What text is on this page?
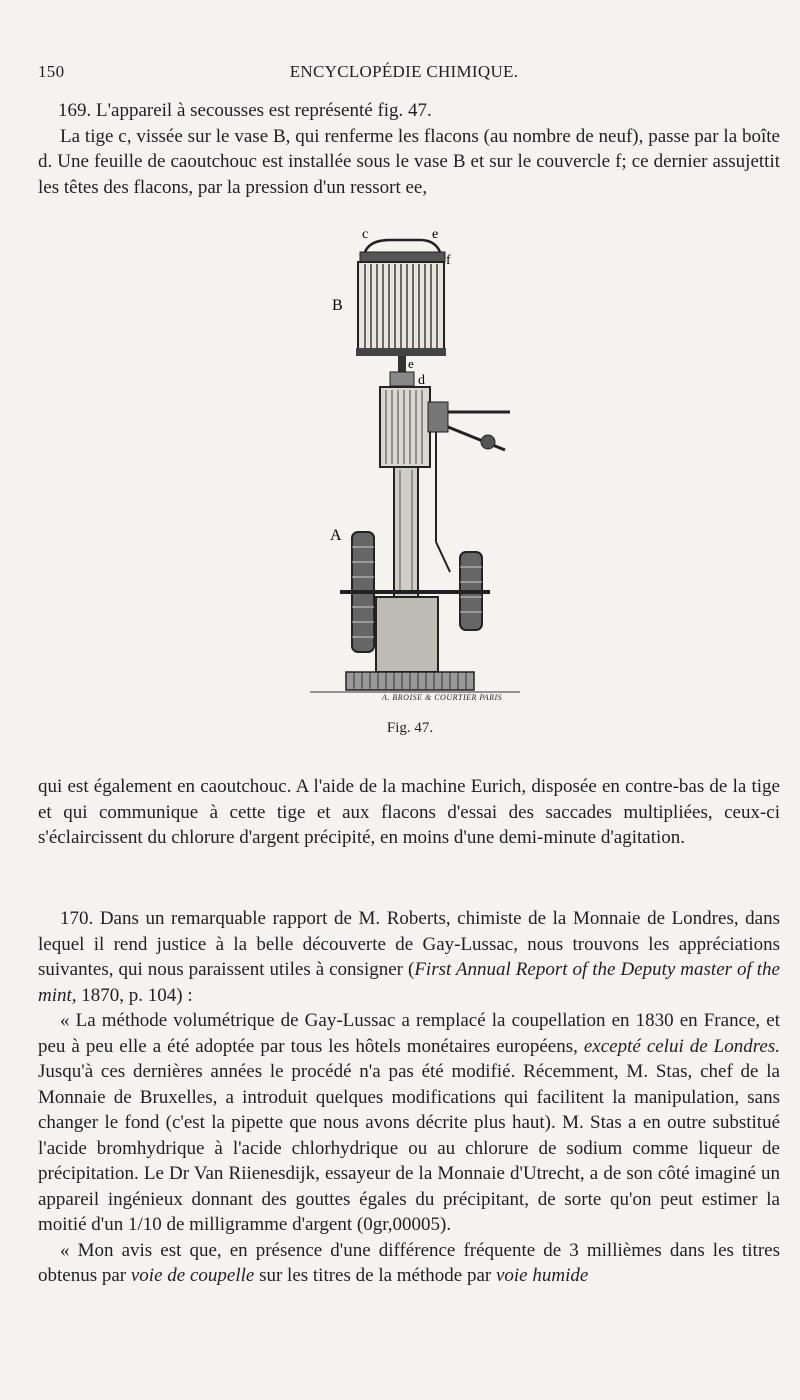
150	ENCYCLOPÉDIE CHIMIQUE.

169. L'appareil à secousses est représenté fig. 47.

La tige c, vissée sur le vase B, qui renferme les flacons (au nombre de neuf), passe par la boîte d. Une feuille de caoutchouc est installée sous le vase B et sur le couvercle f; ce dernier assujettit les têtes des flacons, par la pression d'un ressort ee,

c	e
f
B
e
d
A
A. BROISE & COURTIER PARIS
Fig. 47.

qui est également en caoutchouc. A l'aide de la machine Eurich, disposée en contre-bas de la tige et qui communique à cette tige et aux flacons d'essai des saccades multipliées, ceux-ci s'éclaircissent du chlorure d'argent précipité, en moins d'une demi-minute d'agitation.

170. Dans un remarquable rapport de M. Roberts, chimiste de la Monnaie de Londres, dans lequel il rend justice à la belle découverte de Gay-Lussac, nous trouvons les appréciations suivantes, qui nous paraissent utiles à consigner (First Annual Report of the Deputy master of the mint, 1870, p. 104) :

« La méthode volumétrique de Gay-Lussac a remplacé la coupellation en 1830 en France, et peu à peu elle a été adoptée par tous les hôtels monétaires européens, excepté celui de Londres. Jusqu'à ces dernières années le procédé n'a pas été modifié. Récemment, M. Stas, chef de la Monnaie de Bruxelles, a introduit quelques modifications qui facilitent la manipulation, sans changer le fond (c'est la pipette que nous avons décrite plus haut). M. Stas a en outre substitué l'acide bromhydrique à l'acide chlorhydrique ou au chlorure de sodium comme liqueur de précipitation. Le Dr Van Riienesdijk, essayeur de la Monnaie d'Utrecht, a de son côté imaginé un appareil ingénieux donnant des gouttes égales du précipitant, de sorte qu'on peut estimer la moitié d'un 1/10 de milligramme d'argent (0gr,00005).

« Mon avis est que, en présence d'une différence fréquente de 3 millièmes dans les titres obtenus par voie de coupelle sur les titres de la méthode par voie humide
